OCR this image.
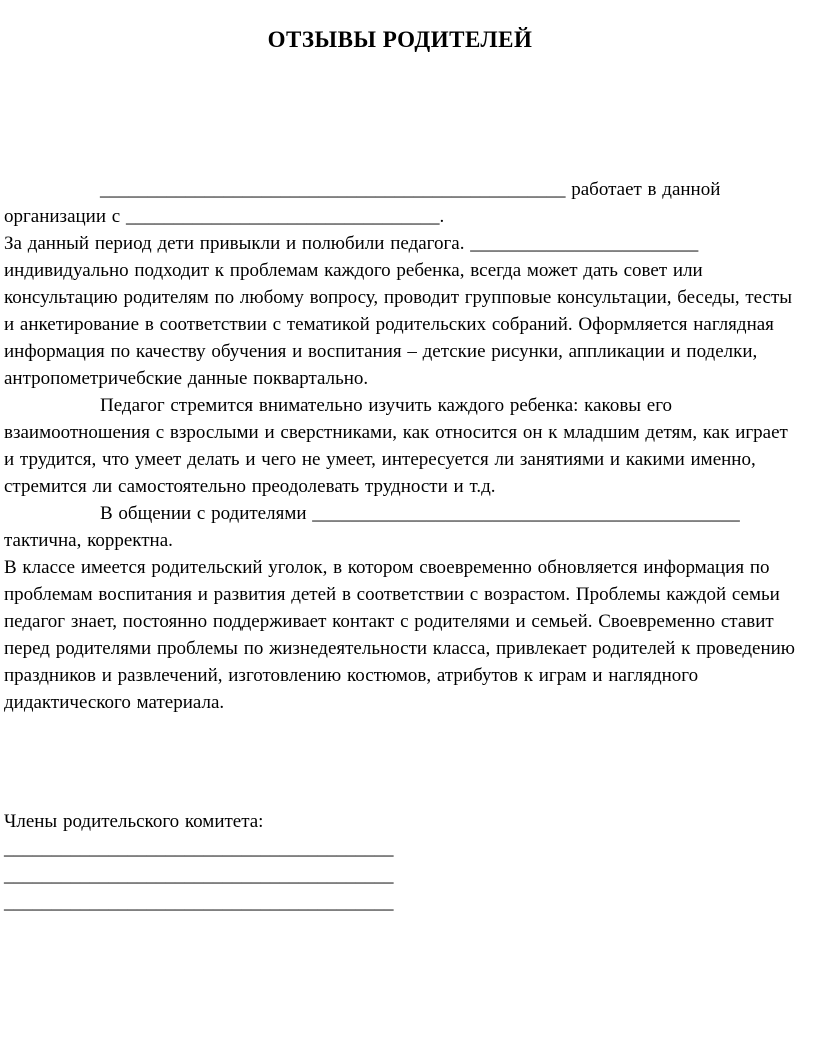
ОТЗЫВЫ РОДИТЕЛЕЙ

_________________________________________________ работает в данной организации с _________________________________.

За данный период дети привыкли и полюбили педагога. ________________________ индивидуально подходит к проблемам каждого ребенка, всегда может дать совет или консультацию родителям по любому вопросу, проводит групповые консультации, беседы, тесты и анкетирование в соответствии с тематикой родительских собраний. Оформляется наглядная информация по качеству обучения и воспитания – детские рисунки, аппликации и поделки, антропометричебские данные поквартально.

Педагог стремится внимательно изучить каждого ребенка: каковы его взаимоотношения с взрослыми и сверстниками, как относится он к младшим детям, как играет и трудится, что умеет делать и чего не умеет, интересуется ли занятиями и какими именно, стремится ли самостоятельно преодолевать трудности и т.д.

В общении с родителями _____________________________________________ тактична, корректна.

В классе имеется родительский уголок, в котором своевременно обновляется информация по проблемам воспитания и развития детей в соответствии с возрастом. Проблемы каждой семьи педагог знает, постоянно поддерживает контакт с родителями и семьей. Своевременно ставит перед родителями проблемы по жизнедеятельности класса, привлекает родителей к проведению праздников и развлечений, изготовлению костюмов, атрибутов к играм и наглядного дидактического материала.

Члены родительского комитета:

_________________________________________

_________________________________________

_________________________________________
